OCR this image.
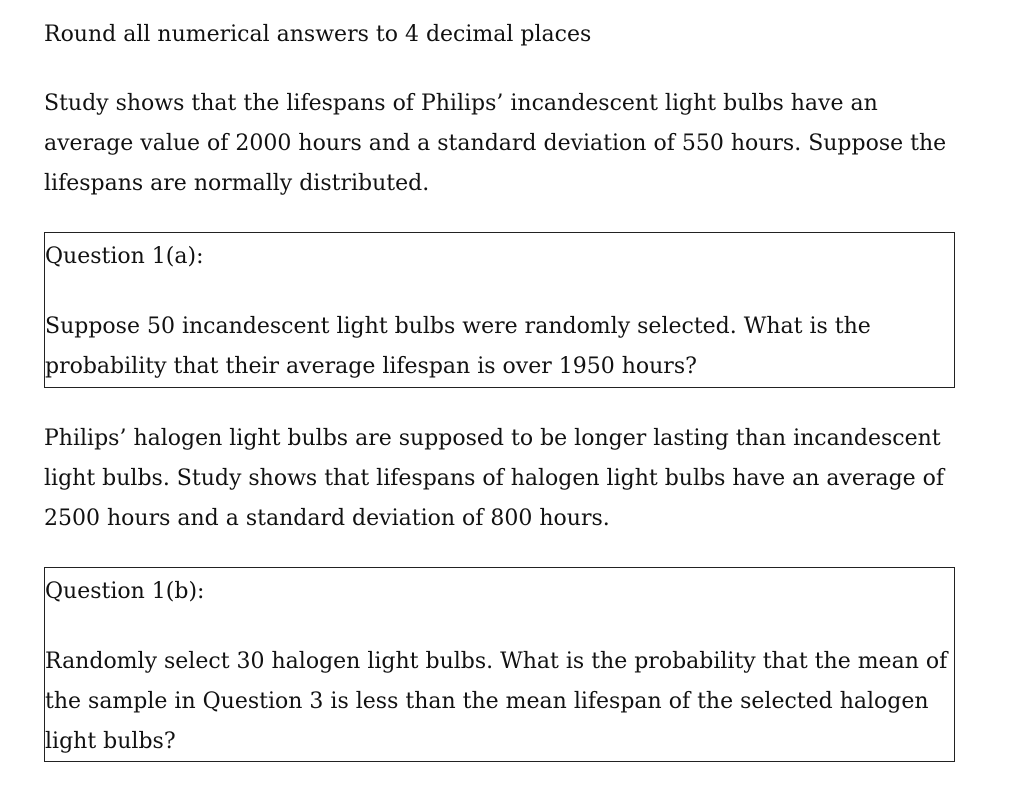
Round all numerical answers to 4 decimal places
Study shows that the lifespans of Philips’ incandescent light bulbs have an
average value of 2000 hours and a standard deviation of 550 hours. Suppose the
lifespans are normally distributed.
Question 1(a):
Suppose 50 incandescent light bulbs were randomly selected. What is the
probability that their average lifespan is over 1950 hours?
Philips’ halogen light bulbs are supposed to be longer lasting than incandescent
light bulbs. Study shows that lifespans of halogen light bulbs have an average of
2500 hours and a standard deviation of 800 hours.
Question 1(b):
Randomly select 30 halogen light bulbs. What is the probability that the mean of
the sample in Question 3 is less than the mean lifespan of the selected halogen
light bulbs?
